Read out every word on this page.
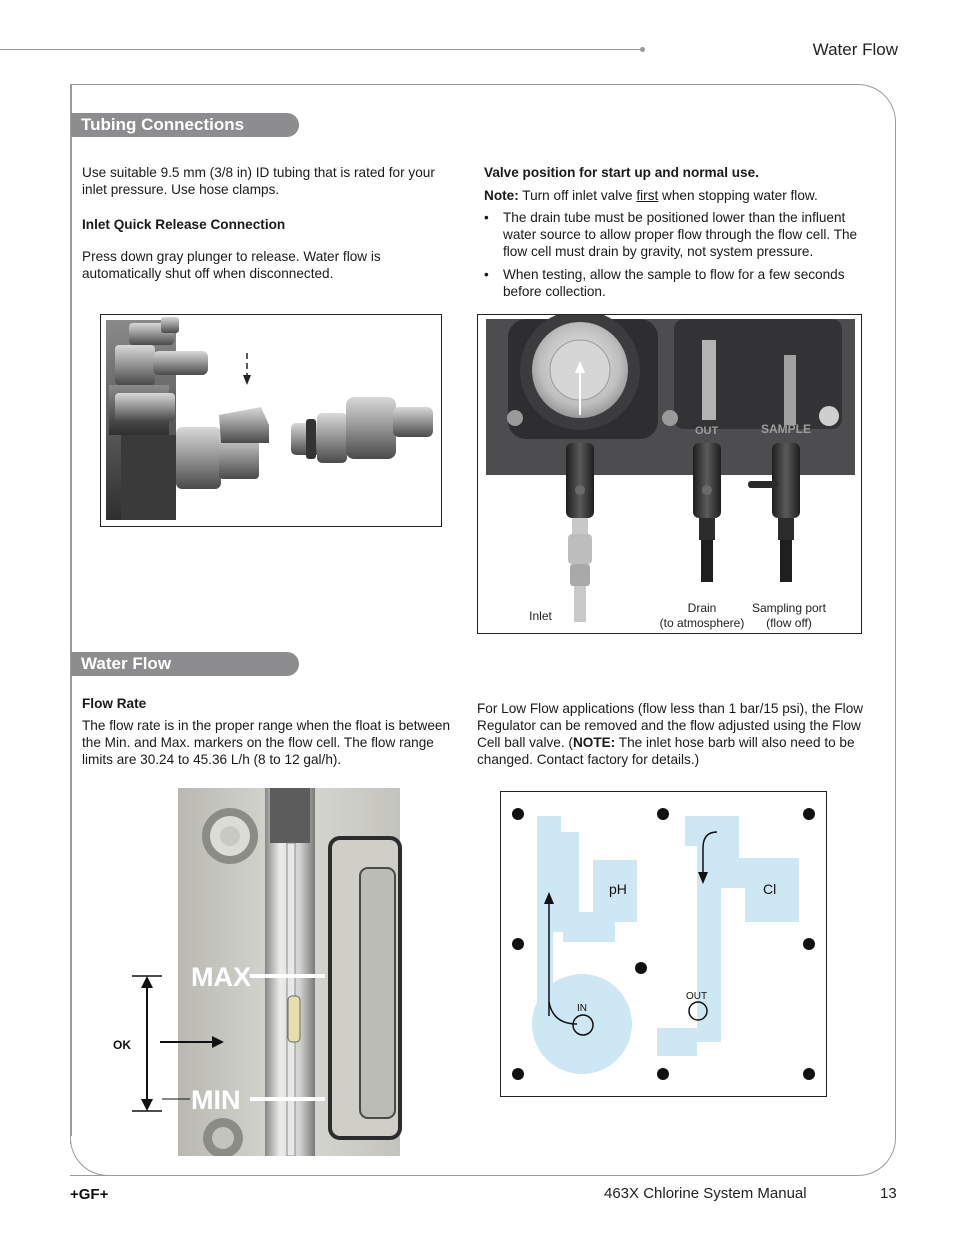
Water Flow
Tubing Connections
Use suitable 9.5 mm (3/8 in) ID tubing that is rated for your inlet pressure. Use hose clamps.
Inlet Quick Release Connection
Press down gray plunger to release. Water flow is automatically shut off when disconnected.
Valve position for start up and normal use.
Note: Turn off inlet valve first when stopping water flow.
•	The drain tube must be positioned lower than the influent water source to allow proper flow through the flow cell. The flow cell must drain by gravity, not system pressure.
•	When testing, allow the sample to flow for a few seconds before collection.
OUT	SAMPLE
Inlet
Drain
(to atmosphere)
Sampling port
(flow off)
Water Flow
Flow Rate
The flow rate is in the proper range when the float is between the Min. and Max. markers on the flow cell. The flow range limits are 30.24 to 45.36 L/h (8 to 12 gal/h).
For Low Flow applications (flow less than 1 bar/15 psi), the Flow Regulator can be removed and the flow adjusted using the Flow Cell ball valve. (NOTE: The inlet hose barb will also need to be changed. Contact factory for details.)
MAX
MIN
OK
pH	Cl
IN
OUT
+GF+	463X Chlorine System Manual	13
